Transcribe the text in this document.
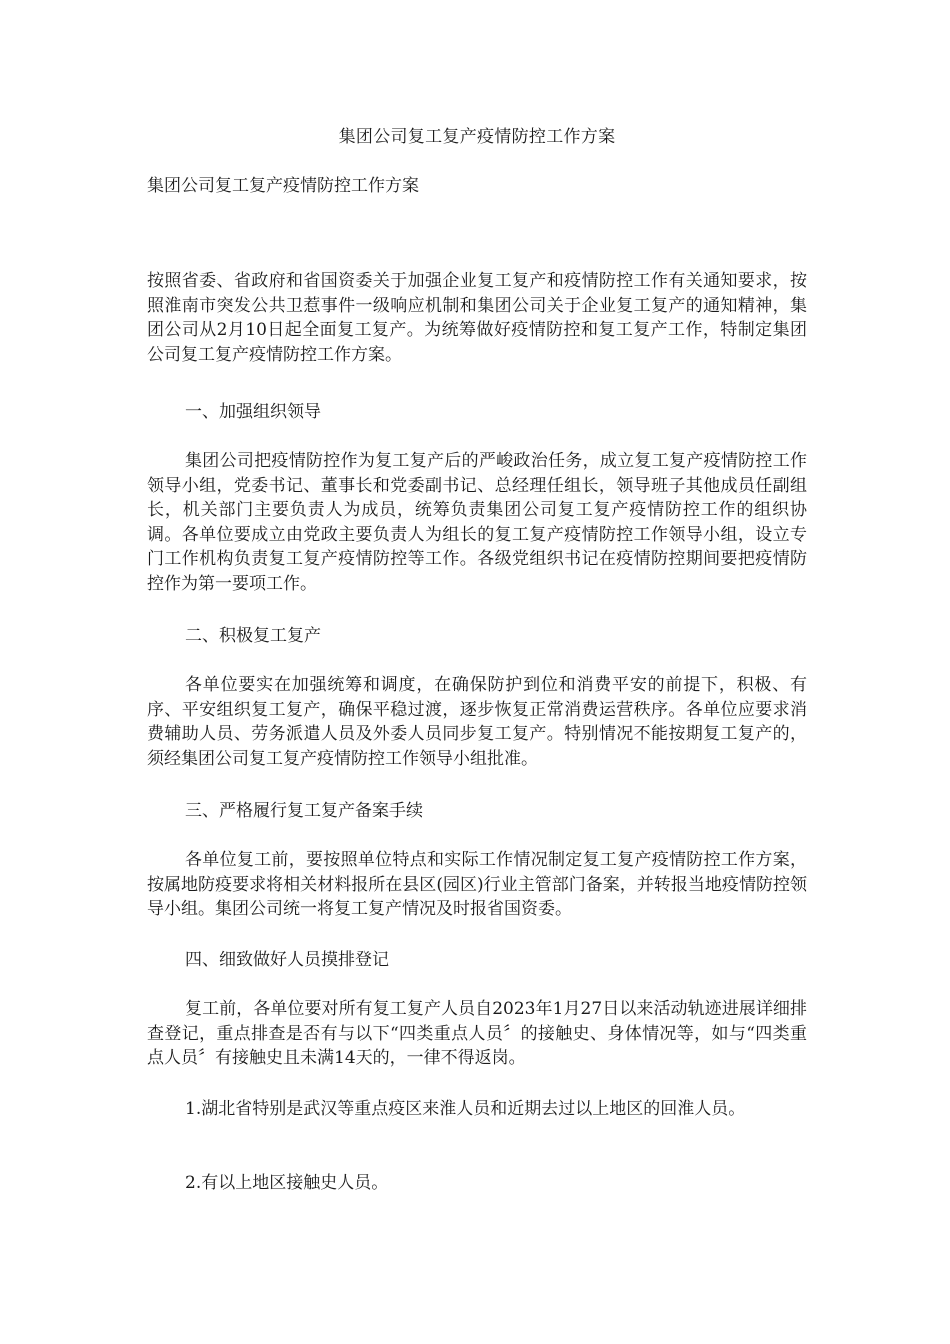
集团公司复工复产疫情防控工作方案
集团公司复工复产疫情防控工作方案

按照省委、省政府和省国资委关于加强企业复工复产和疫情防控工作有关通知要求，按照淮南市突发公共卫惹事件一级响应机制和集团公司关于企业复工复产的通知精神，集团公司从2月10日起全面复工复产。为统筹做好疫情防控和复工复产工作，特制定集团公司复工复产疫情防控工作方案。

一、加强组织领导

集团公司把疫情防控作为复工复产后的严峻政治任务，成立复工复产疫情防控工作领导小组，党委书记、董事长和党委副书记、总经理任组长，领导班子其他成员任副组长，机关部门主要负责人为成员，统筹负责集团公司复工复产疫情防控工作的组织协调。各单位要成立由党政主要负责人为组长的复工复产疫情防控工作领导小组，设立专门工作机构负责复工复产疫情防控等工作。各级党组织书记在疫情防控期间要把疫情防控作为第一要项工作。

二、积极复工复产

各单位要实在加强统筹和调度，在确保防护到位和消费平安的前提下，积极、有序、平安组织复工复产，确保平稳过渡，逐步恢复正常消费运营秩序。各单位应要求消费辅助人员、劳务派遣人员及外委人员同步复工复产。特别情况不能按期复工复产的，须经集团公司复工复产疫情防控工作领导小组批准。

三、严格履行复工复产备案手续

各单位复工前，要按照单位特点和实际工作情况制定复工复产疫情防控工作方案，按属地防疫要求将相关材料报所在县区(园区)行业主管部门备案，并转报当地疫情防控领导小组。集团公司统一将复工复产情况及时报省国资委。

四、细致做好人员摸排登记

复工前，各单位要对所有复工复产人员自2023年1月27日以来活动轨迹进展详细排查登记，重点排查是否有与以下“四类重点人员〞的接触史、身体情况等，如与“四类重点人员〞有接触史且未满14天的，一律不得返岗。

1.湖北省特别是武汉等重点疫区来淮人员和近期去过以上地区的回淮人员。

2.有以上地区接触史人员。
